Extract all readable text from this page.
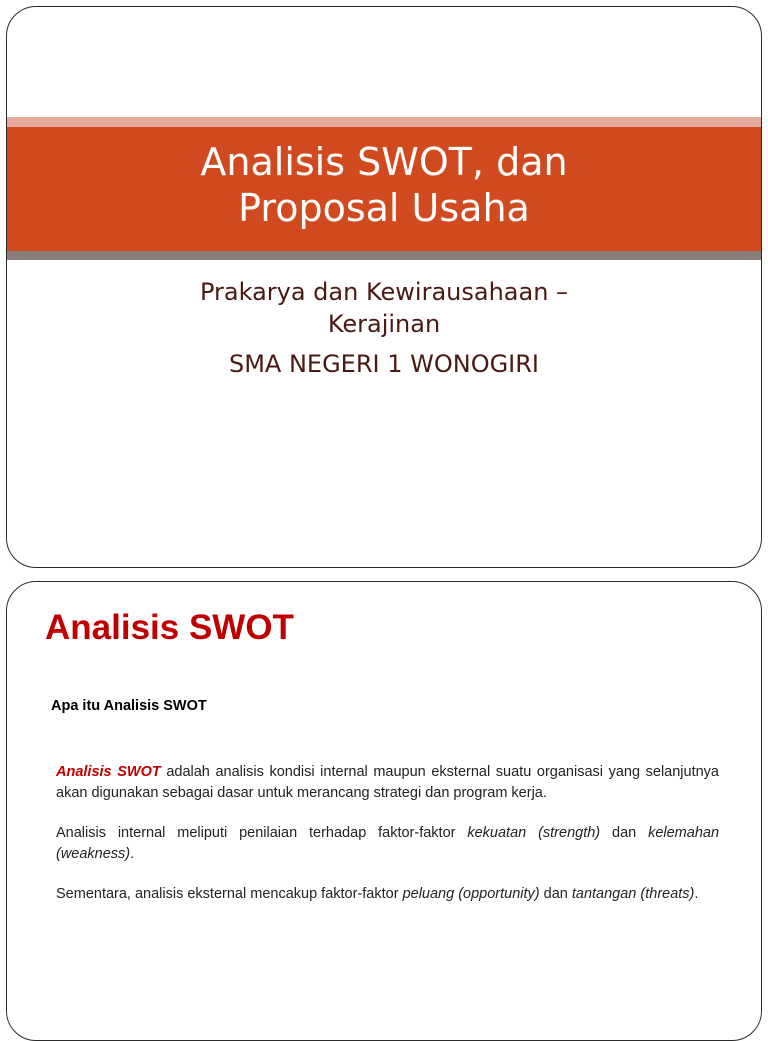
Analisis SWOT, dan
Proposal Usaha
Prakarya dan Kewirausahaan –
Kerajinan
SMA NEGERI 1 WONOGIRI
Analisis SWOT
Apa itu Analisis SWOT

Analisis SWOT adalah analisis kondisi internal maupun eksternal suatu organisasi yang selanjutnya akan digunakan sebagai dasar untuk merancang strategi dan program kerja.

Analisis internal meliputi penilaian terhadap faktor-faktor kekuatan (strength) dan kelemahan (weakness).

Sementara, analisis eksternal mencakup faktor-faktor peluang (opportunity) dan tantangan (threats).
